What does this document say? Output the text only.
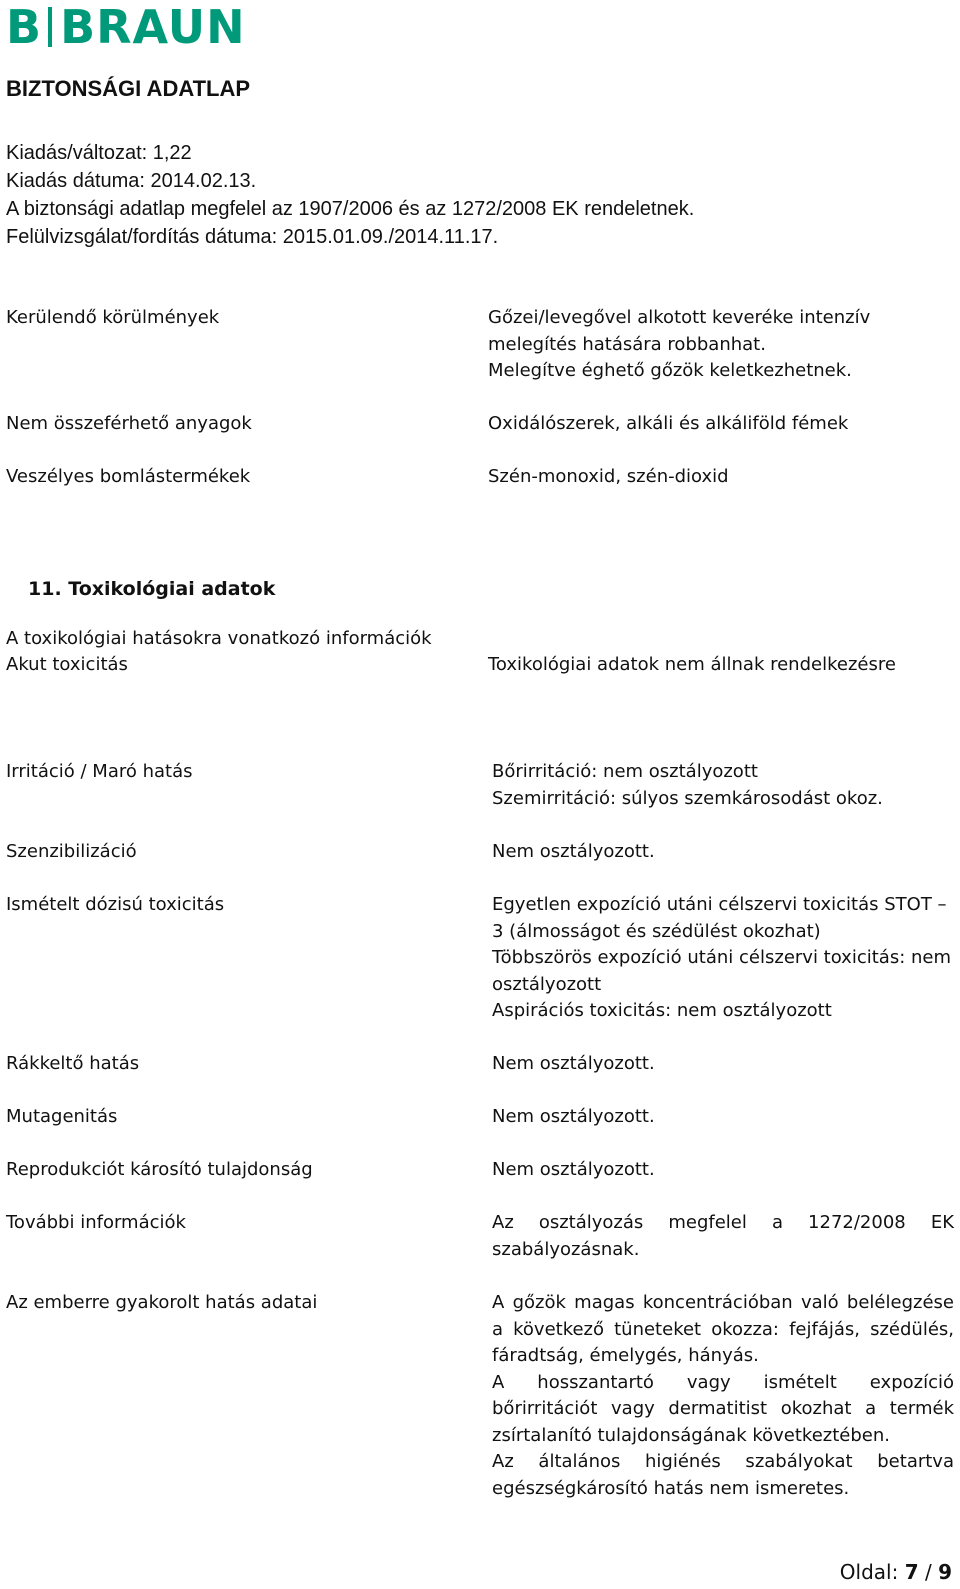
B BRAUN
BIZTONSÁGI ADATLAP
Kiadás/változat: 1,22
Kiadás dátuma: 2014.02.13.
A biztonsági adatlap megfelel az 1907/2006 és az 1272/2008 EK rendeletnek.
Felülvizsgálat/fordítás dátuma: 2015.01.09./2014.11.17.
Kerülendő körülmények	Gőzei/levegővel alkotott keveréke intenzív
melegítés hatására robbanhat.
Melegítve éghető gőzök keletkezhetnek.
Nem összeférhető anyagok	Oxidálószerek, alkáli és alkáliföld fémek
Veszélyes bomlástermékek	Szén-monoxid, szén-dioxid
11. Toxikológiai adatok
A toxikológiai hatásokra vonatkozó információk
Akut toxicitás	Toxikológiai adatok nem állnak rendelkezésre
Irritáció / Maró hatás	Bőrirritáció: nem osztályozott
Szemirritáció: súlyos szemkárosodást okoz.
Szenzibilizáció	Nem osztályozott.
Ismételt dózisú toxicitás	Egyetlen expozíció utáni célszervi toxicitás STOT –
3 (álmosságot és szédülést okozhat)
Többszörös expozíció utáni célszervi toxicitás: nem
osztályozott
Aspirációs toxicitás: nem osztályozott
Rákkeltő hatás	Nem osztályozott.
Mutagenitás	Nem osztályozott.
Reprodukciót károsító tulajdonság	Nem osztályozott.
További információk	Az osztályozás megfelel a 1272/2008 EK szabályozásnak.
Az emberre gyakorolt hatás adatai	A gőzök magas koncentrációban való belélegzése a következő tüneteket okozza: fejfájás, szédülés, fáradtság, émelygés, hányás.
A hosszantartó vagy ismételt expozíció bőrirritációt vagy dermatitist okozhat a termék zsírtalanító tulajdonságának következtében.
Az általános higiénés szabályokat betartva egészségkárosító hatás nem ismeretes.
Oldal: 7 / 9
